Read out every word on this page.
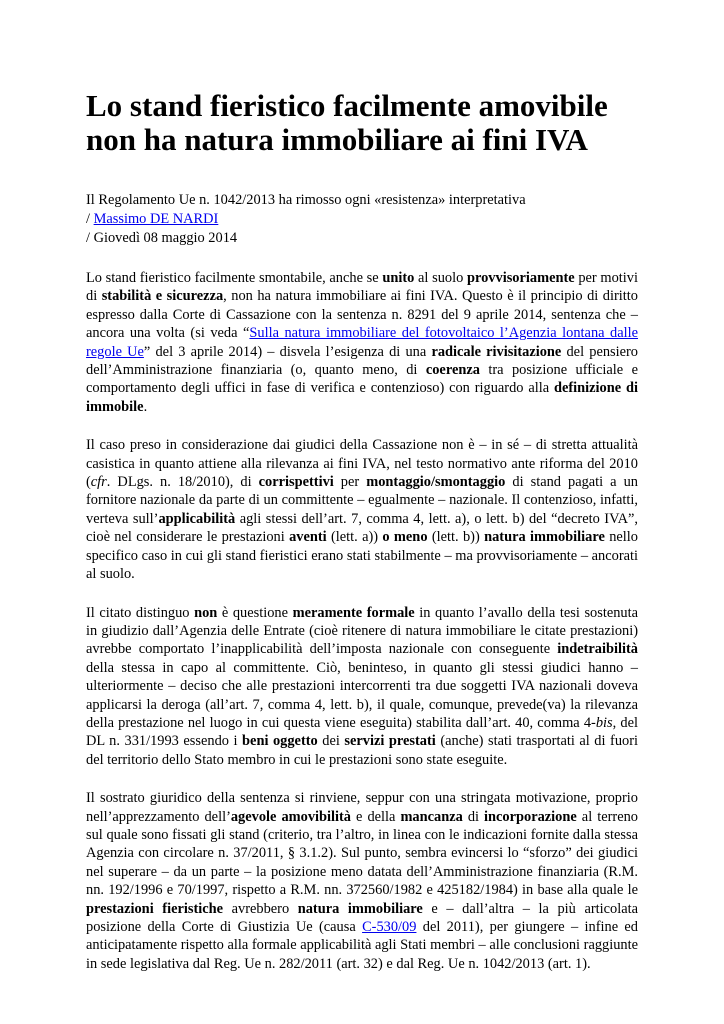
Lo stand fieristico facilmente amovibile non ha natura immobiliare ai fini IVA
Il Regolamento Ue n. 1042/2013 ha rimosso ogni «resistenza» interpretativa
/ Massimo DE NARDI
/ Giovedì 08 maggio 2014

Lo stand fieristico facilmente smontabile, anche se unito al suolo provvisoriamente per motivi di stabilità e sicurezza, non ha natura immobiliare ai fini IVA. Questo è il principio di diritto espresso dalla Corte di Cassazione con la sentenza n. 8291 del 9 aprile 2014, sentenza che – ancora una volta (si veda “Sulla natura immobiliare del fotovoltaico l’Agenzia lontana dalle regole Ue” del 3 aprile 2014) – disvela l’esigenza di una radicale rivisitazione del pensiero dell’Amministrazione finanziaria (o, quanto meno, di coerenza tra posizione ufficiale e comportamento degli uffici in fase di verifica e contenzioso) con riguardo alla definizione di immobile.

Il caso preso in considerazione dai giudici della Cassazione non è – in sé – di stretta attualità casistica in quanto attiene alla rilevanza ai fini IVA, nel testo normativo ante riforma del 2010 (cfr. DLgs. n. 18/2010), di corrispettivi per montaggio/smontaggio di stand pagati a un fornitore nazionale da parte di un committente – egualmente – nazionale. Il contenzioso, infatti, verteva sull’applicabilità agli stessi dell’art. 7, comma 4, lett. a), o lett. b) del “decreto IVA”, cioè nel considerare le prestazioni aventi (lett. a)) o meno (lett. b)) natura immobiliare nello specifico caso in cui gli stand fieristici erano stati stabilmente – ma provvisoriamente – ancorati al suolo.

Il citato distinguo non è questione meramente formale in quanto l’avallo della tesi sostenuta in giudizio dall’Agenzia delle Entrate (cioè ritenere di natura immobiliare le citate prestazioni) avrebbe comportato l’inapplicabilità dell’imposta nazionale con conseguente indetraibilità della stessa in capo al committente. Ciò, beninteso, in quanto gli stessi giudici hanno – ulteriormente – deciso che alle prestazioni intercorrenti tra due soggetti IVA nazionali doveva applicarsi la deroga (all’art. 7, comma 4, lett. b), il quale, comunque, prevede(va) la rilevanza della prestazione nel luogo in cui questa viene eseguita) stabilita dall’art. 40, comma 4-bis, del DL n. 331/1993 essendo i beni oggetto dei servizi prestati (anche) stati trasportati al di fuori del territorio dello Stato membro in cui le prestazioni sono state eseguite.

Il sostrato giuridico della sentenza si rinviene, seppur con una stringata motivazione, proprio nell’apprezzamento dell’agevole amovibilità e della mancanza di incorporazione al terreno sul quale sono fissati gli stand (criterio, tra l’altro, in linea con le indicazioni fornite dalla stessa Agenzia con circolare n. 37/2011, § 3.1.2). Sul punto, sembra evincersi lo “sforzo” dei giudici nel superare – da un parte – la posizione meno datata dell’Amministrazione finanziaria (R.M. nn. 192/1996 e 70/1997, rispetto a R.M. nn. 372560/1982 e 425182/1984) in base alla quale le prestazioni fieristiche avrebbero natura immobiliare e – dall’altra – la più articolata posizione della Corte di Giustizia Ue (causa C-530/09 del 2011), per giungere – infine ed anticipatamente rispetto alla formale applicabilità agli Stati membri – alle conclusioni raggiunte in sede legislativa dal Reg. Ue n. 282/2011 (art. 32) e dal Reg. Ue n. 1042/2013 (art. 1).
